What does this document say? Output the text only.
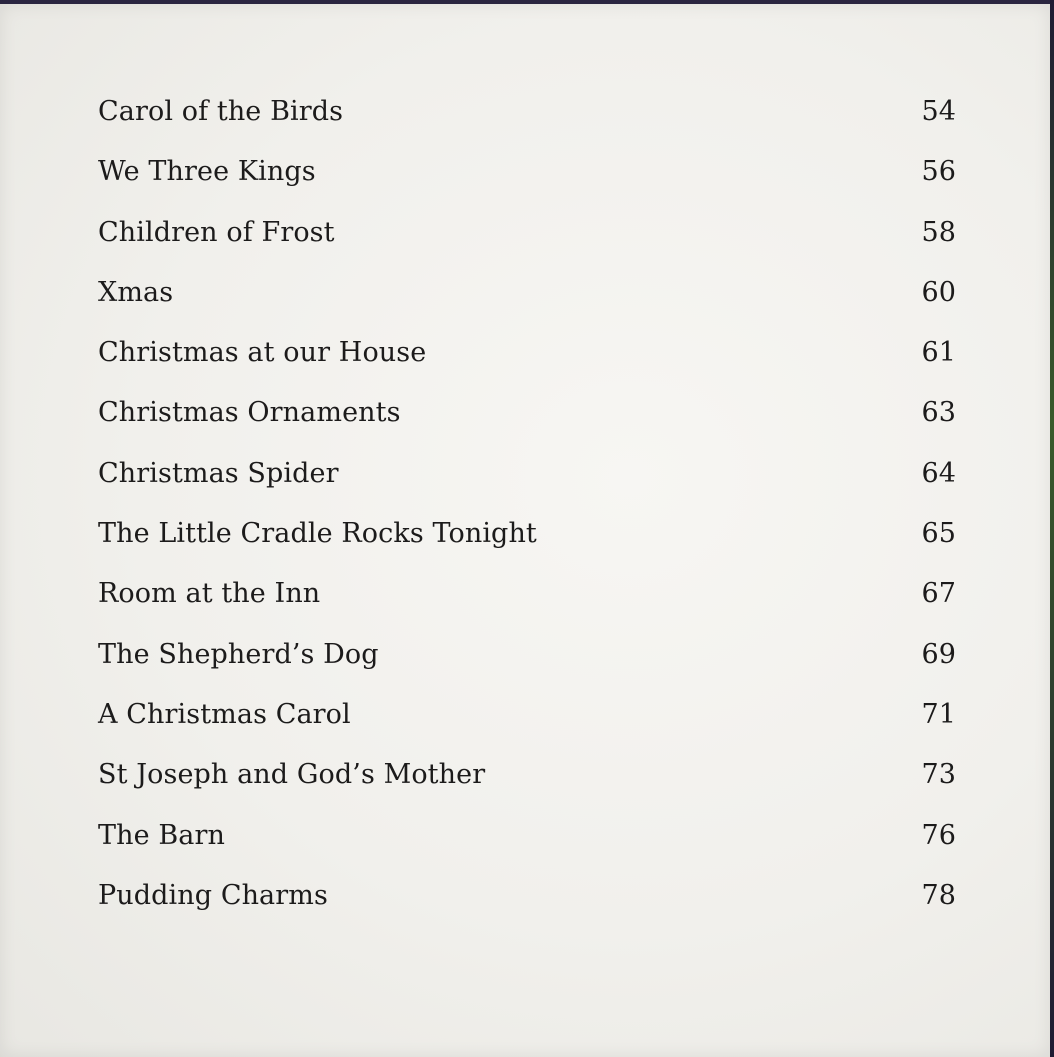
Carol of the Birds	54
We Three Kings	56
Children of Frost	58
Xmas	60
Christmas at our House	61
Christmas Ornaments	63
Christmas Spider	64
The Little Cradle Rocks Tonight	65
Room at the Inn	67
The Shepherd’s Dog	69
A Christmas Carol	71
St Joseph and God’s Mother	73
The Barn	76
Pudding Charms	78
